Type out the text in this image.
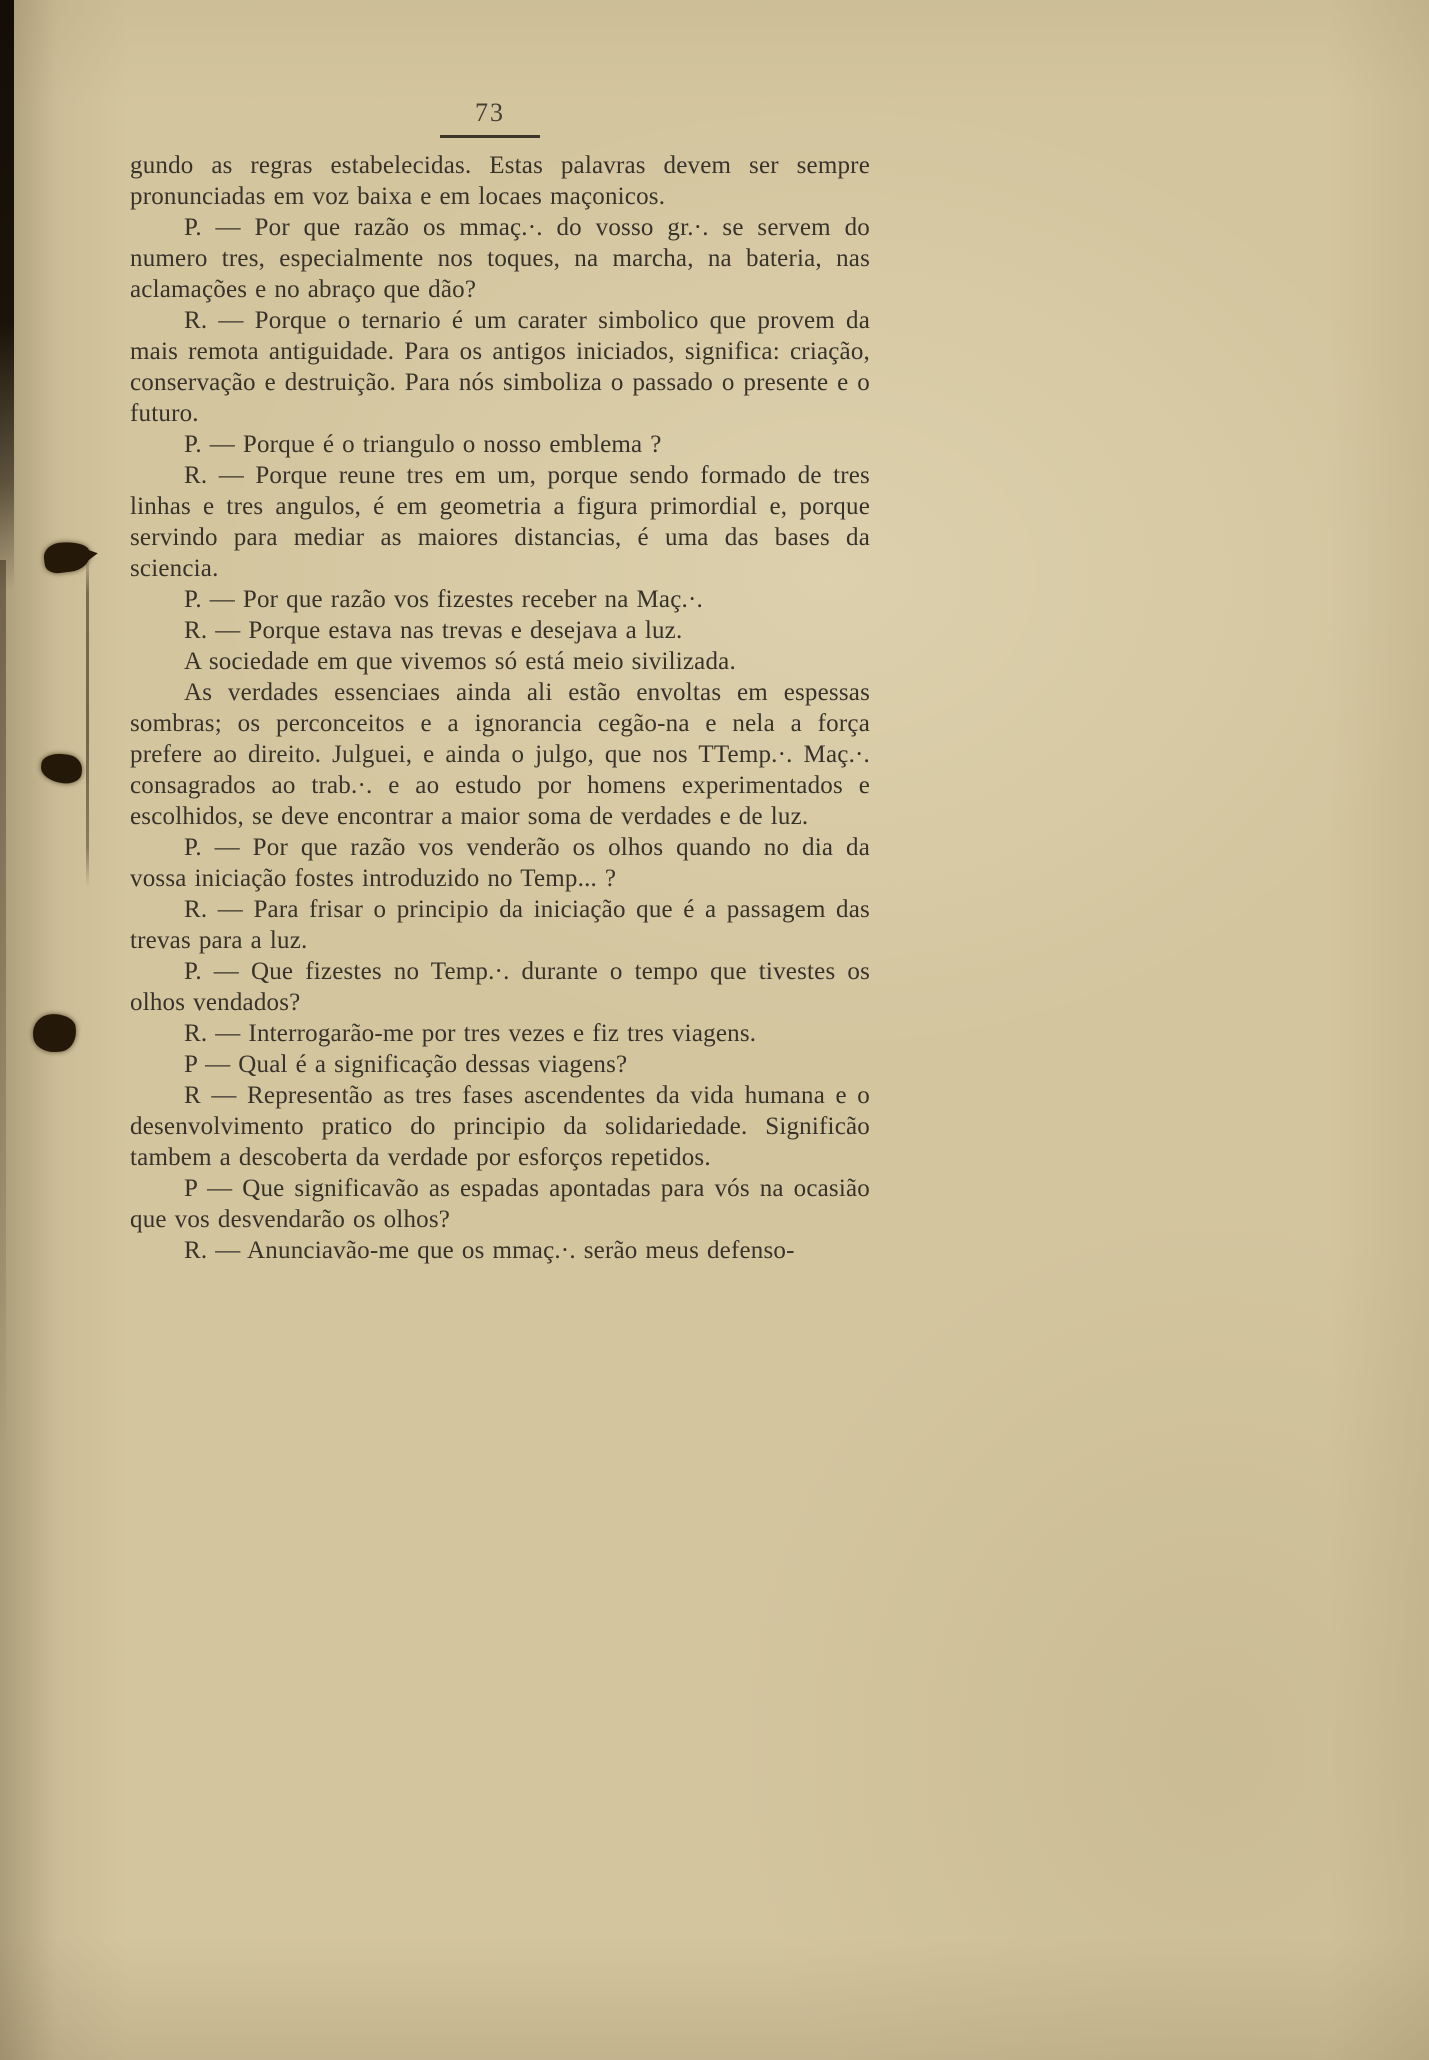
73

gundo as regras estabelecidas. Estas palavras devem ser sempre pronunciadas em voz baixa e em locaes maçonicos.

P. — Por que razão os mmaç.·. do vosso gr.·. se servem do numero tres, especialmente nos toques, na marcha, na bateria, nas aclamações e no abraço que dão?

R. — Porque o ternario é um carater simbolico que provem da mais remota antiguidade. Para os antigos iniciados, significa: criação, conservação e destruição. Para nós simboliza o passado o presente e o futuro.

P. — Porque é o triangulo o nosso emblema ?

R. — Porque reune tres em um, porque sendo formado de tres linhas e tres angulos, é em geometria a figura primordial e, porque servindo para mediar as maiores distancias, é uma das bases da sciencia.

P. — Por que razão vos fizestes receber na Maç.·.

R. — Porque estava nas trevas e desejava a luz.

A sociedade em que vivemos só está meio sivilizada.

As verdades essenciaes ainda ali estão envoltas em espessas sombras; os perconceitos e a ignorancia cegão-na e nela a força prefere ao direito. Julguei, e ainda o julgo, que nos TTemp.·. Maç.·. consagrados ao trab.·. e ao estudo por homens experimentados e escolhidos, se deve encontrar a maior soma de verdades e de luz.

P. — Por que razão vos venderão os olhos quando no dia da vossa iniciação fostes introduzido no Temp... ?

R. — Para frisar o principio da iniciação que é a passagem das trevas para a luz.

P. — Que fizestes no Temp.·. durante o tempo que tivestes os olhos vendados?

R. — Interrogarão-me por tres vezes e fiz tres viagens.

P — Qual é a significação dessas viagens?

R — Representão as tres fases ascendentes da vida humana e o desenvolvimento pratico do principio da solidariedade. Significão tambem a descoberta da verdade por esforços repetidos.

P — Que significavão as espadas apontadas para vós na ocasião que vos desvendarão os olhos?

R. — Anunciavão-me que os mmaç.·. serão meus defenso-
